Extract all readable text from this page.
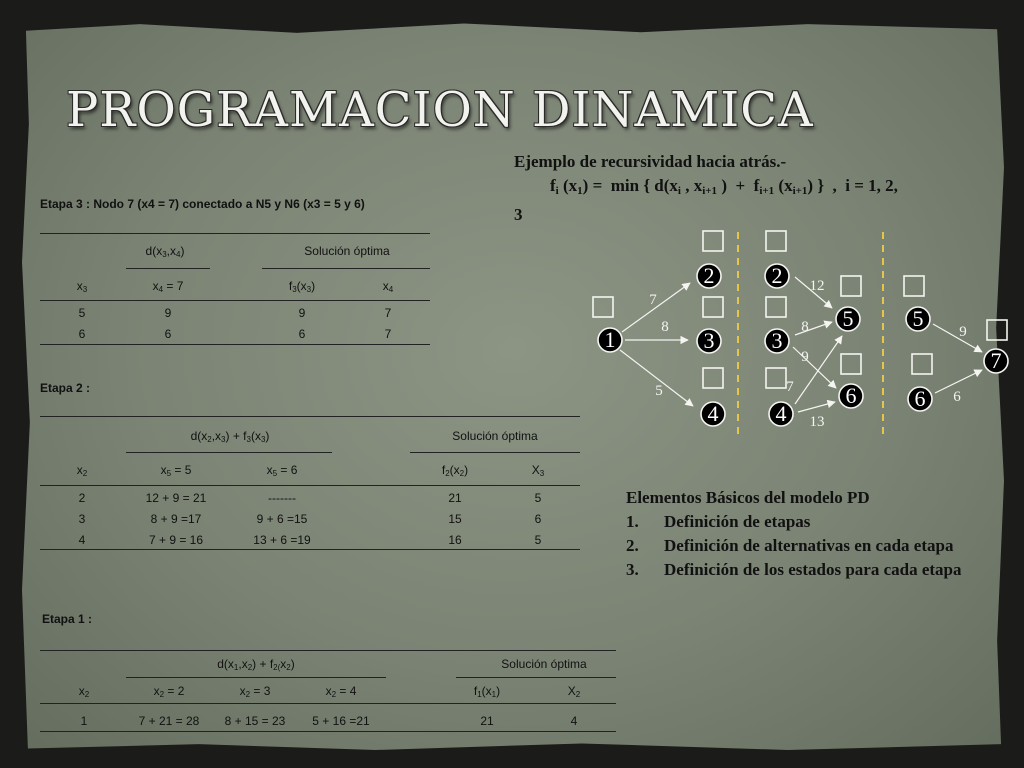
PROGRAMACION DINAMICA
Etapa 3 : Nodo 7 (x4 = 7) conectado a N5 y N6 (x3 = 5 y 6)
$d(x_3,x_4)$	Solución óptima
$x_3$	$x_4 = 7$	$f_3(x_3)$	$x_4$
5	9	9	7
6	6	6	7
Etapa 2 :
$d(x_2,x_3) + f_3(x_3)$	Solución óptima
$x_2$	$x_5 = 5$	$x_5 = 6$	$f_2(x_2)$	$X_3$
2	12 + 9 = 21	-------	21	5
3	8 + 9 =17	9 + 6 =15	15	6
4	7 + 9 = 16	13 + 6 =19	16	5
Etapa 1 :
$d(x_1,x_2) + f_{2(}x_2$)	Solución óptima
$x_2$	$x_2 = 2$	$x_2 = 3$	$x_2 = 4$	$f_1(x_1)$	$X_2$
1	7 + 21 = 28	8 + 15 = 23	5 + 16 =21	21	4
Ejemplo de recursividad hacia atrás.-
$f_i$ $(x_1) = \min$ { $d(x_i$ , $x_{i+1}$ )  +  $f_{i+1}$ $(x_{i+1})$ }  ,  i = 1, 2,
3
1
2
3
4
2
3
4
5
6
5
6
7
7
8
5
12
8
9
7
13
9
6
Elementos Básicos del modelo PD
1.	Definición de etapas
2.	Definición de alternativas en cada etapa
3.	Definición de los estados para cada etapa
